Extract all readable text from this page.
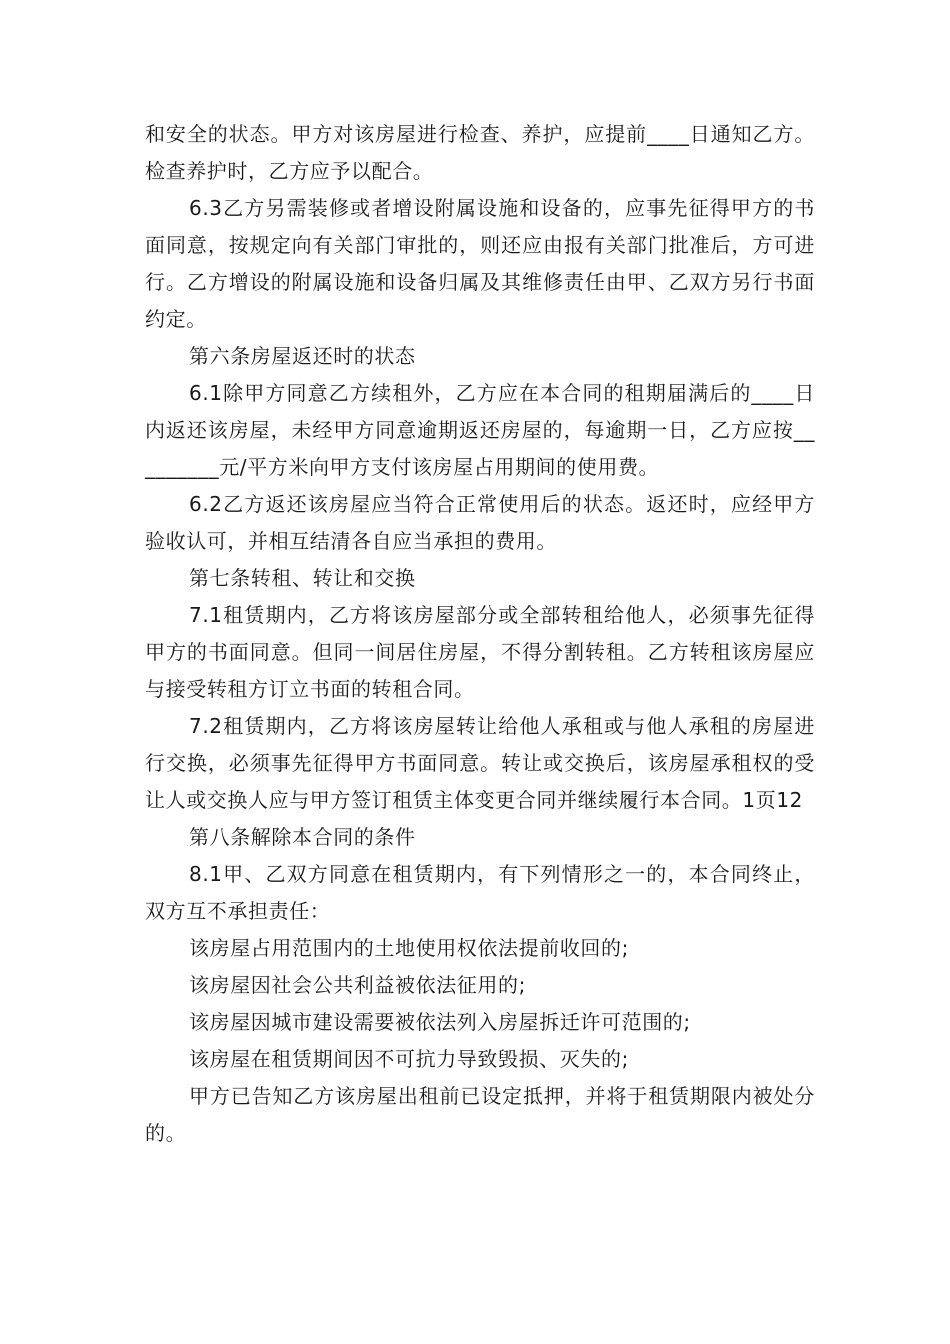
和安全的状态。甲方对该房屋进行检查、养护，应提前____日通知乙方。检查养护时，乙方应予以配合。

6.3乙方另需装修或者增设附属设施和设备的，应事先征得甲方的书面同意，按规定向有关部门审批的，则还应由报有关部门批准后，方可进行。乙方增设的附属设施和设备归属及其维修责任由甲、乙双方另行书面约定。

第六条房屋返还时的状态

6.1除甲方同意乙方续租外，乙方应在本合同的租期届满后的____日内返还该房屋，未经甲方同意逾期返还房屋的，每逾期一日，乙方应按_________元/平方米向甲方支付该房屋占用期间的使用费。

6.2乙方返还该房屋应当符合正常使用后的状态。返还时，应经甲方验收认可，并相互结清各自应当承担的费用。

第七条转租、转让和交换

7.1租赁期内，乙方将该房屋部分或全部转租给他人，必须事先征得甲方的书面同意。但同一间居住房屋，不得分割转租。乙方转租该房屋应与接受转租方订立书面的转租合同。

7.2租赁期内，乙方将该房屋转让给他人承租或与他人承租的房屋进行交换，必须事先征得甲方书面同意。转让或交换后，该房屋承租权的受让人或交换人应与甲方签订租赁主体变更合同并继续履行本合同。1页12

第八条解除本合同的条件

8.1甲、乙双方同意在租赁期内，有下列情形之一的，本合同终止，双方互不承担责任：

该房屋占用范围内的土地使用权依法提前收回的;

该房屋因社会公共利益被依法征用的;

该房屋因城市建设需要被依法列入房屋拆迁许可范围的;

该房屋在租赁期间因不可抗力导致毁损、灭失的;

甲方已告知乙方该房屋出租前已设定抵押，并将于租赁期限内被处分的。
